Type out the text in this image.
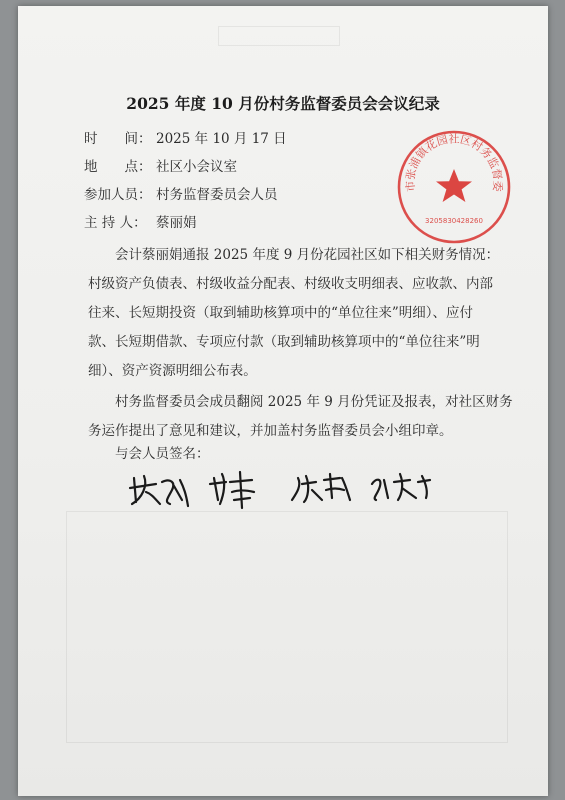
2025 年度 10 月份村务监督委员会会议纪录
时　　间： 2025 年 10 月 17 日
地　　点： 社区小会议室
参加人员： 村务监督委员会人员
主 持 人： 蔡丽娟
会计蔡丽娟通报 2025 年度 9 月份花园社区如下相关财务情况：
村级资产负债表、村级收益分配表、村级收支明细表、应收款、内部
往来、长短期投资（取到辅助核算项中的“单位往来”明细）、应付
款、长短期借款、专项应付款（取到辅助核算项中的“单位往来”明
细）、资产资源明细公布表。
村务监督委员会成员翻阅 2025 年 9 月份凭证及报表，对社区财务
务运作提出了意见和建议，并加盖村务监督委员会小组印章。
与会人员签名：
市张浦镇花园社区村务监督委
3205830428260
